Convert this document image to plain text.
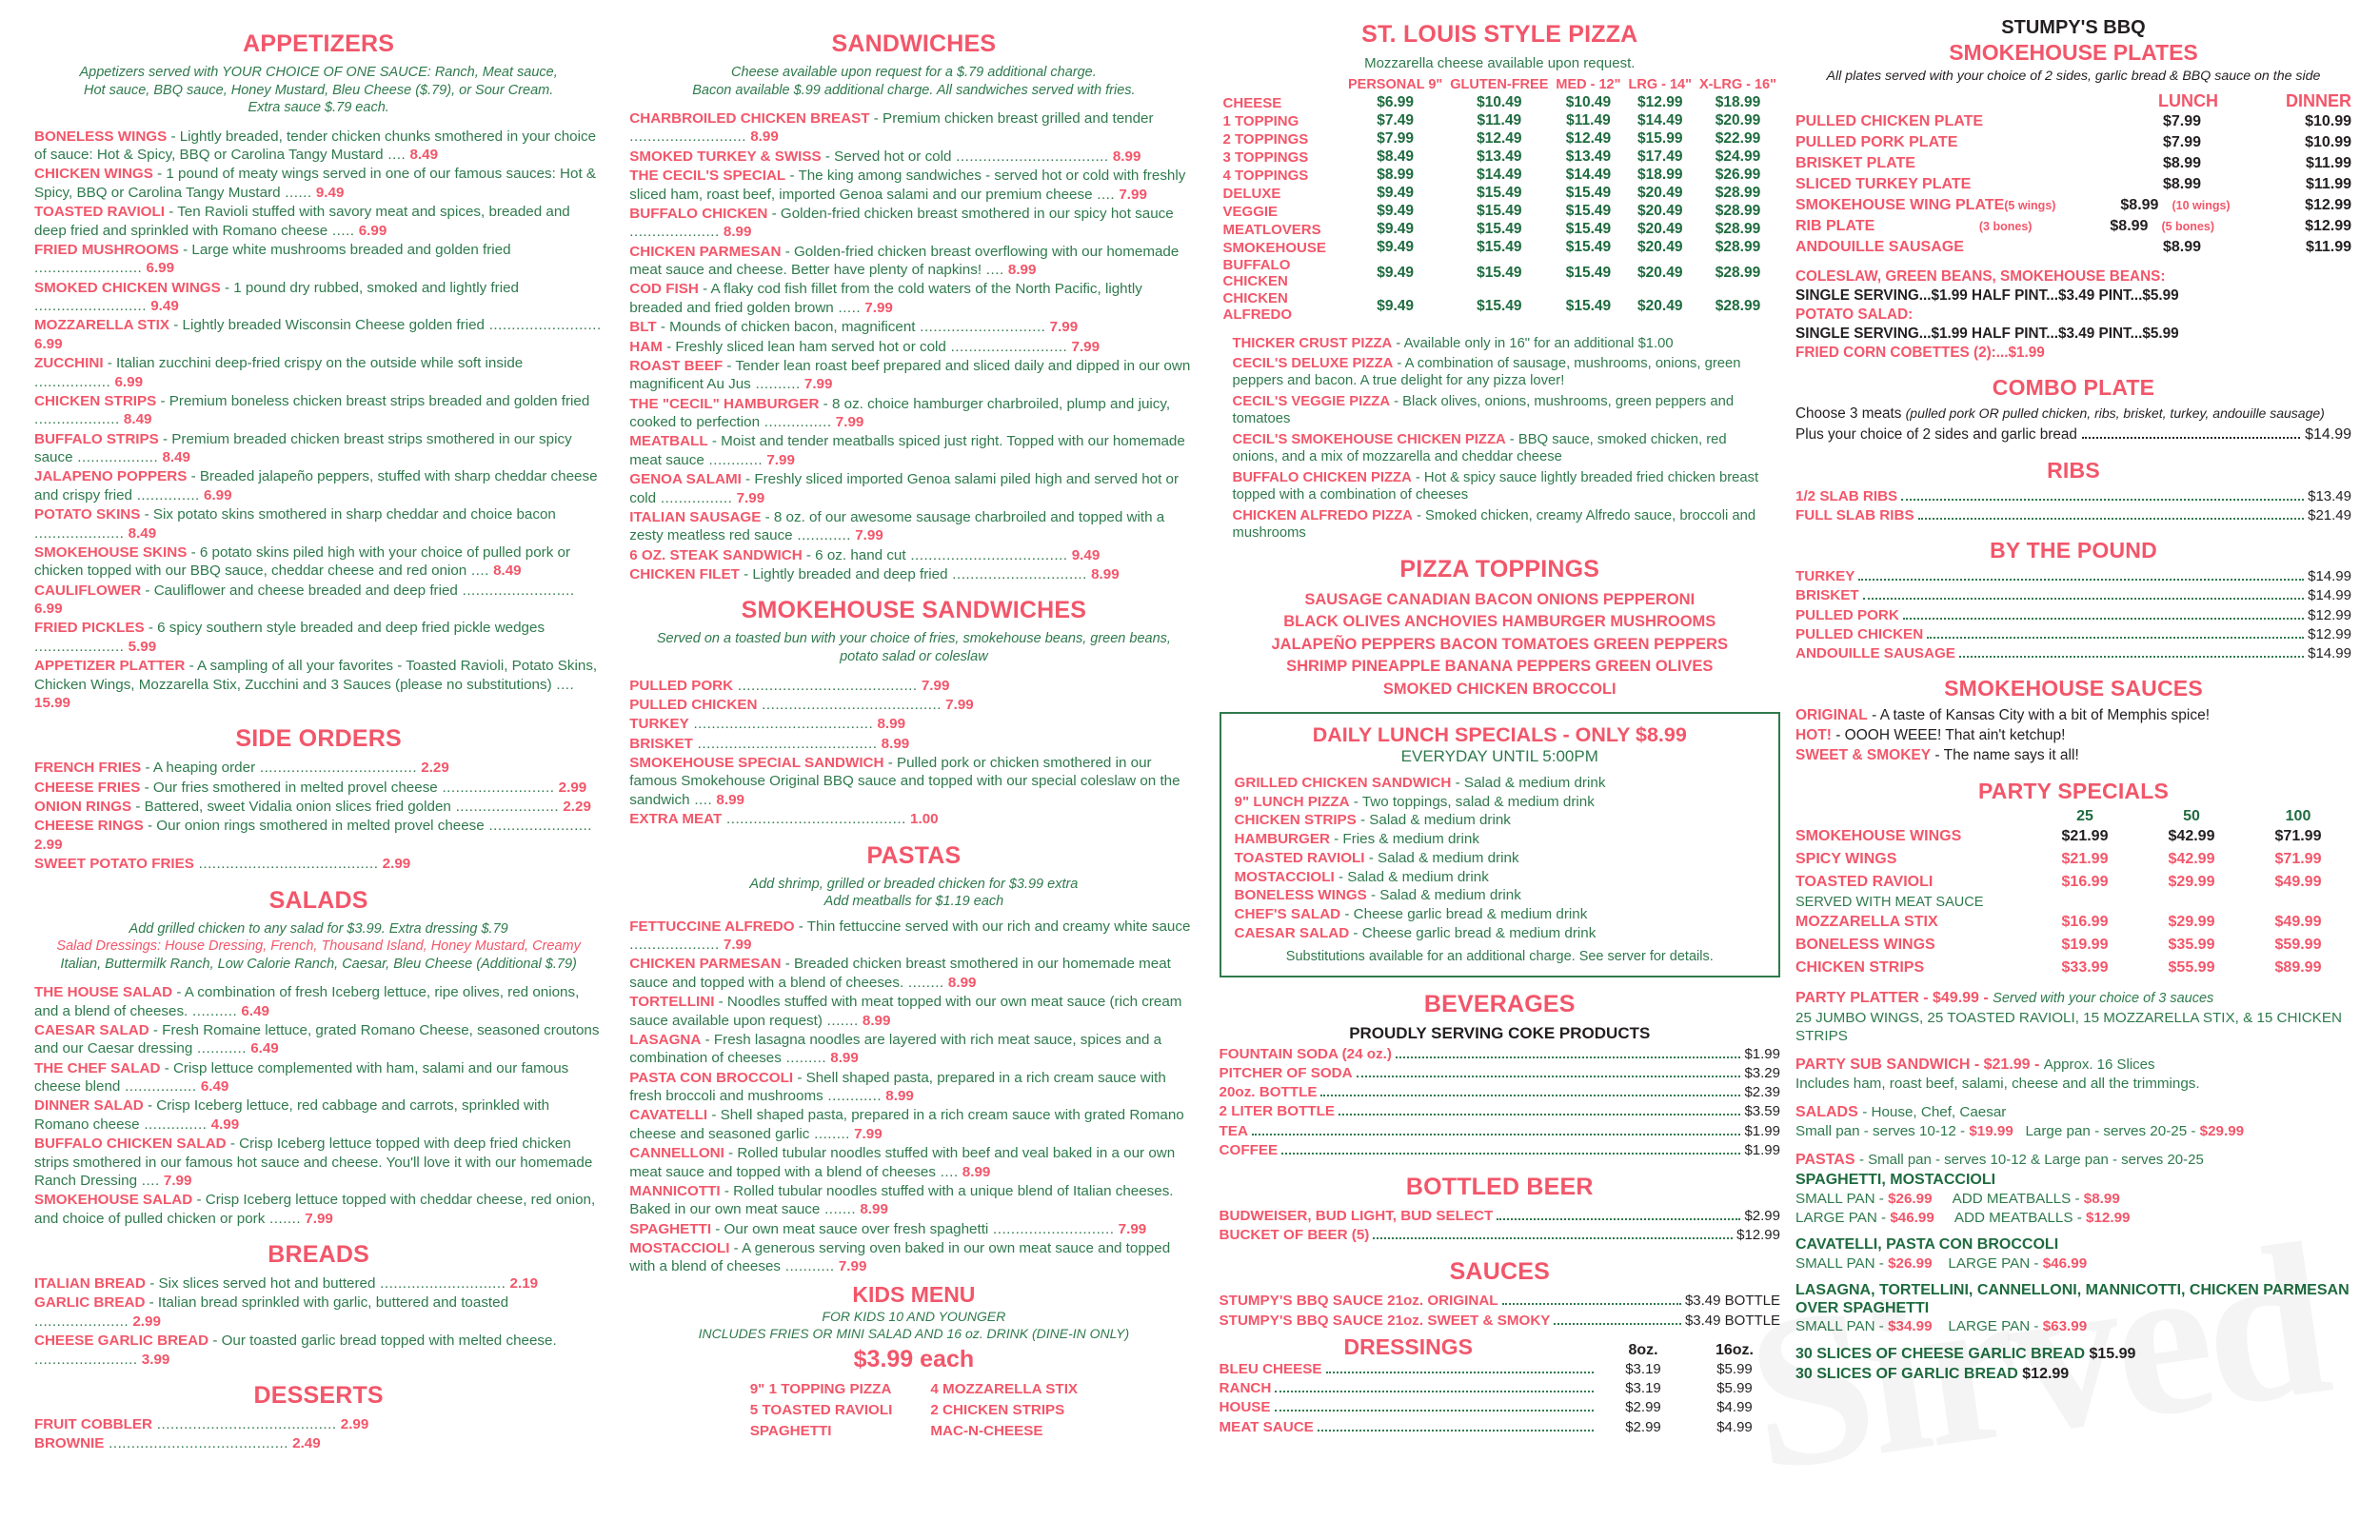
APPETIZERS
Appetizers served with YOUR CHOICE OF ONE SAUCE: Ranch, Meat sauce,
Hot sauce, BBQ sauce, Honey Mustard, Bleu Cheese ($.79), or Sour Cream.
Extra sauce $.79 each.
BONELESS WINGS - Lightly breaded, tender chicken chunks smothered in your choice of sauce: Hot & Spicy, BBQ or Carolina Tangy Mustard .... 8.49
CHICKEN WINGS - 1 pound of meaty wings served in one of our famous sauces: Hot & Spicy, BBQ or Carolina Tangy Mustard ...... 9.49
TOASTED RAVIOLI - Ten Ravioli stuffed with savory meat and spices, breaded and deep fried and sprinkled with Romano cheese ..... 6.99
FRIED MUSHROOMS - Large white mushrooms breaded and golden fried ........................ 6.99
SMOKED CHICKEN WINGS - 1 pound dry rubbed, smoked and lightly fried ......................... 9.49
MOZZARELLA STIX - Lightly breaded Wisconsin Cheese golden fried ......................... 6.99
ZUCCHINI - Italian zucchini deep-fried crispy on the outside while soft inside ................. 6.99
CHICKEN STRIPS - Premium boneless chicken breast strips breaded and golden fried ................... 8.49
BUFFALO STRIPS - Premium breaded chicken breast strips smothered in our spicy sauce .................. 8.49
JALAPENO POPPERS - Breaded jalapeño peppers, stuffed with sharp cheddar cheese and crispy fried .............. 6.99
POTATO SKINS - Six potato skins smothered in sharp cheddar and choice bacon .................... 8.49
SMOKEHOUSE SKINS - 6 potato skins piled high with your choice of pulled pork or chicken topped with our BBQ sauce, cheddar cheese and red onion .... 8.49
CAULIFLOWER - Cauliflower and cheese breaded and deep fried ......................... 6.99
FRIED PICKLES - 6 spicy southern style breaded and deep fried pickle wedges .................... 5.99
APPETIZER PLATTER - A sampling of all your favorites - Toasted Ravioli, Potato Skins, Chicken Wings, Mozzarella Stix, Zucchini and 3 Sauces (please no substitutions) .... 15.99
SIDE ORDERS
FRENCH FRIES - A heaping order ................................... 2.29
CHEESE FRIES - Our fries smothered in melted provel cheese ......................... 2.99
ONION RINGS - Battered, sweet Vidalia onion slices fried golden ....................... 2.29
CHEESE RINGS - Our onion rings smothered in melted provel cheese ....................... 2.99
SWEET POTATO FRIES ........................................ 2.99
SALADS
Add grilled chicken to any salad for $3.99. Extra dressing $.79
Salad Dressings: House Dressing, French, Thousand Island, Honey Mustard, Creamy
Italian, Buttermilk Ranch, Low Calorie Ranch, Caesar, Bleu Cheese (Additional $.79)
THE HOUSE SALAD - A combination of fresh Iceberg lettuce, ripe olives, red onions, and a blend of cheeses. .......... 6.49
CAESAR SALAD - Fresh Romaine lettuce, grated Romano Cheese, seasoned croutons and our Caesar dressing ........... 6.49
THE CHEF SALAD - Crisp lettuce complemented with ham, salami and our famous cheese blend ................ 6.49
DINNER SALAD - Crisp Iceberg lettuce, red cabbage and carrots, sprinkled with Romano cheese .............. 4.99
BUFFALO CHICKEN SALAD - Crisp Iceberg lettuce topped with deep fried chicken strips smothered in our famous hot sauce and cheese. You'll love it with our homemade Ranch Dressing .... 7.99
SMOKEHOUSE SALAD - Crisp Iceberg lettuce topped with cheddar cheese, red onion, and choice of pulled chicken or pork ....... 7.99
BREADS
ITALIAN BREAD - Six slices served hot and buttered ............................ 2.19
GARLIC BREAD - Italian bread sprinkled with garlic, buttered and toasted ..................... 2.99
CHEESE GARLIC BREAD - Our toasted garlic bread topped with melted cheese. ....................... 3.99
DESSERTS
FRUIT COBBLER ........................................ 2.99
BROWNIE ........................................ 2.49
SANDWICHES
Cheese available upon request for a $.79 additional charge.
Bacon available $.99 additional charge. All sandwiches served with fries.
CHARBROILED CHICKEN BREAST - Premium chicken breast grilled and tender .......................... 8.99
SMOKED TURKEY & SWISS - Served hot or cold .................................. 8.99
THE CECIL'S SPECIAL - The king among sandwiches - served hot or cold with freshly sliced ham, roast beef, imported Genoa salami and our premium cheese .... 7.99
BUFFALO CHICKEN - Golden-fried chicken breast smothered in our spicy hot sauce .................... 8.99
CHICKEN PARMESAN - Golden-fried chicken breast overflowing with our homemade meat sauce and cheese. Better have plenty of napkins! .... 8.99
COD FISH - A flaky cod fish fillet from the cold waters of the North Pacific, lightly breaded and fried golden brown ..... 7.99
BLT - Mounds of chicken bacon, magnificent ............................ 7.99
HAM - Freshly sliced lean ham served hot or cold .......................... 7.99
ROAST BEEF - Tender lean roast beef prepared and sliced daily and dipped in our own magnificent Au Jus .......... 7.99
THE "CECIL" HAMBURGER - 8 oz. choice hamburger charbroiled, plump and juicy, cooked to perfection ............... 7.99
MEATBALL - Moist and tender meatballs spiced just right. Topped with our homemade meat sauce ............ 7.99
GENOA SALAMI - Freshly sliced imported Genoa salami piled high and served hot or cold ................ 7.99
ITALIAN SAUSAGE - 8 oz. of our awesome sausage charbroiled and topped with a zesty meatless red sauce ............ 7.99
6 OZ. STEAK SANDWICH - 6 oz. hand cut ................................... 9.49
CHICKEN FILET - Lightly breaded and deep fried .............................. 8.99
SMOKEHOUSE SANDWICHES
Served on a toasted bun with your choice of fries, smokehouse beans, green beans,
potato salad or coleslaw
PULLED PORK ........................................ 7.99
PULLED CHICKEN ........................................ 7.99
TURKEY ........................................ 8.99
BRISKET ........................................ 8.99
SMOKEHOUSE SPECIAL SANDWICH - Pulled pork or chicken smothered in our famous Smokehouse Original BBQ sauce and topped with our special coleslaw on the sandwich .... 8.99
EXTRA MEAT ........................................ 1.00
PASTAS
Add shrimp, grilled or breaded chicken for $3.99 extra
Add meatballs for $1.19 each
FETTUCCINE ALFREDO - Thin fettuccine served with our rich and creamy white sauce .................... 7.99
CHICKEN PARMESAN - Breaded chicken breast smothered in our homemade meat sauce and topped with a blend of cheeses. ........ 8.99
TORTELLINI - Noodles stuffed with meat topped with our own meat sauce (rich cream sauce available upon request) ....... 8.99
LASAGNA - Fresh lasagna noodles are layered with rich meat sauce, spices and a combination of cheeses ......... 8.99
PASTA CON BROCCOLI - Shell shaped pasta, prepared in a rich cream sauce with fresh broccoli and mushrooms ............ 8.99
CAVATELLI - Shell shaped pasta, prepared in a rich cream sauce with grated Romano cheese and seasoned garlic ........ 7.99
CANNELLONI - Rolled tubular noodles stuffed with beef and veal baked in a our own meat sauce and topped with a blend of cheeses .... 8.99
MANNICOTTI - Rolled tubular noodles stuffed with a unique blend of Italian cheeses. Baked in our own meat sauce ....... 8.99
SPAGHETTI - Our own meat sauce over fresh spaghetti ........................... 7.99
MOSTACCIOLI - A generous serving oven baked in our own meat sauce and topped with a blend of cheeses ........... 7.99
KIDS MENU
FOR KIDS 10 AND YOUNGER
INCLUDES FRIES OR MINI SALAD AND 16 oz. DRINK (DINE-IN ONLY)
$3.99 each
9" 1 TOPPING PIZZA
5 TOASTED RAVIOLI
SPAGHETTI
4 MOZZARELLA STIX
2 CHICKEN STRIPS
MAC-N-CHEESE
ST. LOUIS STYLE PIZZA
Mozzarella cheese available upon request.
	PERSONAL 9"	GLUTEN-FREE	MED - 12"	LRG - 14"	X-LRG - 16"
CHEESE	$6.99	$10.49	$10.49	$12.99	$18.99
1 TOPPING	$7.49	$11.49	$11.49	$14.49	$20.99
2 TOPPINGS	$7.99	$12.49	$12.49	$15.99	$22.99
3 TOPPINGS	$8.49	$13.49	$13.49	$17.49	$24.99
4 TOPPINGS	$8.99	$14.49	$14.49	$18.99	$26.99
DELUXE	$9.49	$15.49	$15.49	$20.49	$28.99
VEGGIE	$9.49	$15.49	$15.49	$20.49	$28.99
MEATLOVERS	$9.49	$15.49	$15.49	$20.49	$28.99
SMOKEHOUSE	$9.49	$15.49	$15.49	$20.49	$28.99
BUFFALO CHICKEN	$9.49	$15.49	$15.49	$20.49	$28.99
CHICKEN ALFREDO	$9.49	$15.49	$15.49	$20.49	$28.99
THICKER CRUST PIZZA - Available only in 16" for an additional $1.00
CECIL'S DELUXE PIZZA - A combination of sausage, mushrooms, onions, green peppers and bacon. A true delight for any pizza lover!
CECIL'S VEGGIE PIZZA - Black olives, onions, mushrooms, green peppers and tomatoes
CECIL'S SMOKEHOUSE CHICKEN PIZZA - BBQ sauce, smoked chicken, red onions, and a mix of mozzarella and cheddar cheese
BUFFALO CHICKEN PIZZA - Hot & spicy sauce lightly breaded fried chicken breast topped with a combination of cheeses
CHICKEN ALFREDO PIZZA - Smoked chicken, creamy Alfredo sauce, broccoli and mushrooms
PIZZA TOPPINGS
SAUSAGE CANADIAN BACON ONIONS PEPPERONI
BLACK OLIVES ANCHOVIES HAMBURGER MUSHROOMS
JALAPEÑO PEPPERS BACON TOMATOES GREEN PEPPERS
SHRIMP PINEAPPLE BANANA PEPPERS GREEN OLIVES
SMOKED CHICKEN BROCCOLI
DAILY LUNCH SPECIALS - ONLY $8.99
EVERYDAY UNTIL 5:00PM
GRILLED CHICKEN SANDWICH - Salad & medium drink
9" LUNCH PIZZA - Two toppings, salad & medium drink
CHICKEN STRIPS - Salad & medium drink
HAMBURGER - Fries & medium drink
TOASTED RAVIOLI - Salad & medium drink
MOSTACCIOLI - Salad & medium drink
BONELESS WINGS - Salad & medium drink
CHEF'S SALAD - Cheese garlic bread & medium drink
CAESAR SALAD - Cheese garlic bread & medium drink
Substitutions available for an additional charge. See server for details.
BEVERAGES
PROUDLY SERVING COKE PRODUCTS
FOUNTAIN SODA (24 oz.)	$1.99
PITCHER OF SODA	$3.29
20oz. BOTTLE	$2.39
2 LITER BOTTLE	$3.59
TEA	$1.99
COFFEE	$1.99
BOTTLED BEER
BUDWEISER, BUD LIGHT, BUD SELECT	$2.99
BUCKET OF BEER (5)	$12.99
SAUCES
STUMPY'S BBQ SAUCE 21oz. ORIGINAL	$3.49 BOTTLE
STUMPY'S BBQ SAUCE 21oz. SWEET & SMOKY	$3.49 BOTTLE
DRESSINGS	8oz.	16oz.
BLEU CHEESE	$3.19	$5.99
RANCH	$3.19	$5.99
HOUSE	$2.99	$4.99
MEAT SAUCE	$2.99	$4.99
STUMPY'S BBQ
SMOKEHOUSE PLATES
All plates served with your choice of 2 sides, garlic bread & BBQ sauce on the side
LUNCH	DINNER
PULLED CHICKEN PLATE	$7.99	$10.99
PULLED PORK PLATE	$7.99	$10.99
BRISKET PLATE	$8.99	$11.99
SLICED TURKEY PLATE	$8.99	$11.99
SMOKEHOUSE WING PLATE (5 wings)	$8.99 (10 wings)	$12.99
RIB PLATE	(3 bones)	$8.99 (5 bones)	$12.99
ANDOUILLE SAUSAGE	$8.99	$11.99
COLESLAW, GREEN BEANS, SMOKEHOUSE BEANS:
SINGLE SERVING...$1.99 HALF PINT...$3.49 PINT...$5.99
POTATO SALAD:
SINGLE SERVING...$1.99 HALF PINT...$3.49 PINT...$5.99
FRIED CORN COBETTES (2):...$1.99
COMBO PLATE
Choose 3 meats (pulled pork OR pulled chicken, ribs, brisket, turkey, andouille sausage)
Plus your choice of 2 sides and garlic bread	$14.99
RIBS
1/2 SLAB RIBS	$13.49
FULL SLAB RIBS	$21.49
BY THE POUND
TURKEY	$14.99
BRISKET	$14.99
PULLED PORK	$12.99
PULLED CHICKEN	$12.99
ANDOUILLE SAUSAGE	$14.99
SMOKEHOUSE SAUCES
ORIGINAL - A taste of Kansas City with a bit of Memphis spice!
HOT! - OOOH WEEE! That ain't ketchup!
SWEET & SMOKEY - The name says it all!
PARTY SPECIALS
25	50	100
SMOKEHOUSE WINGS	$21.99	$42.99	$71.99
SPICY WINGS	$21.99	$42.99	$71.99
TOASTED RAVIOLI	$16.99	$29.99	$49.99
SERVED WITH MEAT SAUCE
MOZZARELLA STIX	$16.99	$29.99	$49.99
BONELESS WINGS	$19.99	$35.99	$59.99
CHICKEN STRIPS	$33.99	$55.99	$89.99
PARTY PLATTER - $49.99 - Served with your choice of 3 sauces
25 JUMBO WINGS, 25 TOASTED RAVIOLI, 15 MOZZARELLA STIX, & 15 CHICKEN STRIPS
PARTY SUB SANDWICH - $21.99 - Approx. 16 Slices
Includes ham, roast beef, salami, cheese and all the trimmings.
SALADS - House, Chef, Caesar
Small pan - serves 10-12 - $19.99 Large pan - serves 20-25 - $29.99
PASTAS - Small pan - serves 10-12 & Large pan - serves 20-25
SPAGHETTI, MOSTACCIOLI
SMALL PAN - $26.99 ADD MEATBALLS - $8.99
LARGE PAN - $46.99 ADD MEATBALLS - $12.99
CAVATELLI, PASTA CON BROCCOLI
SMALL PAN - $26.99 LARGE PAN - $46.99
LASAGNA, TORTELLINI, CANNELLONI, MANNICOTTI, CHICKEN PARMESAN OVER SPAGHETTI
SMALL PAN - $34.99 LARGE PAN - $63.99
30 SLICES OF CHEESE GARLIC BREAD $15.99
30 SLICES OF GARLIC BREAD $12.99
